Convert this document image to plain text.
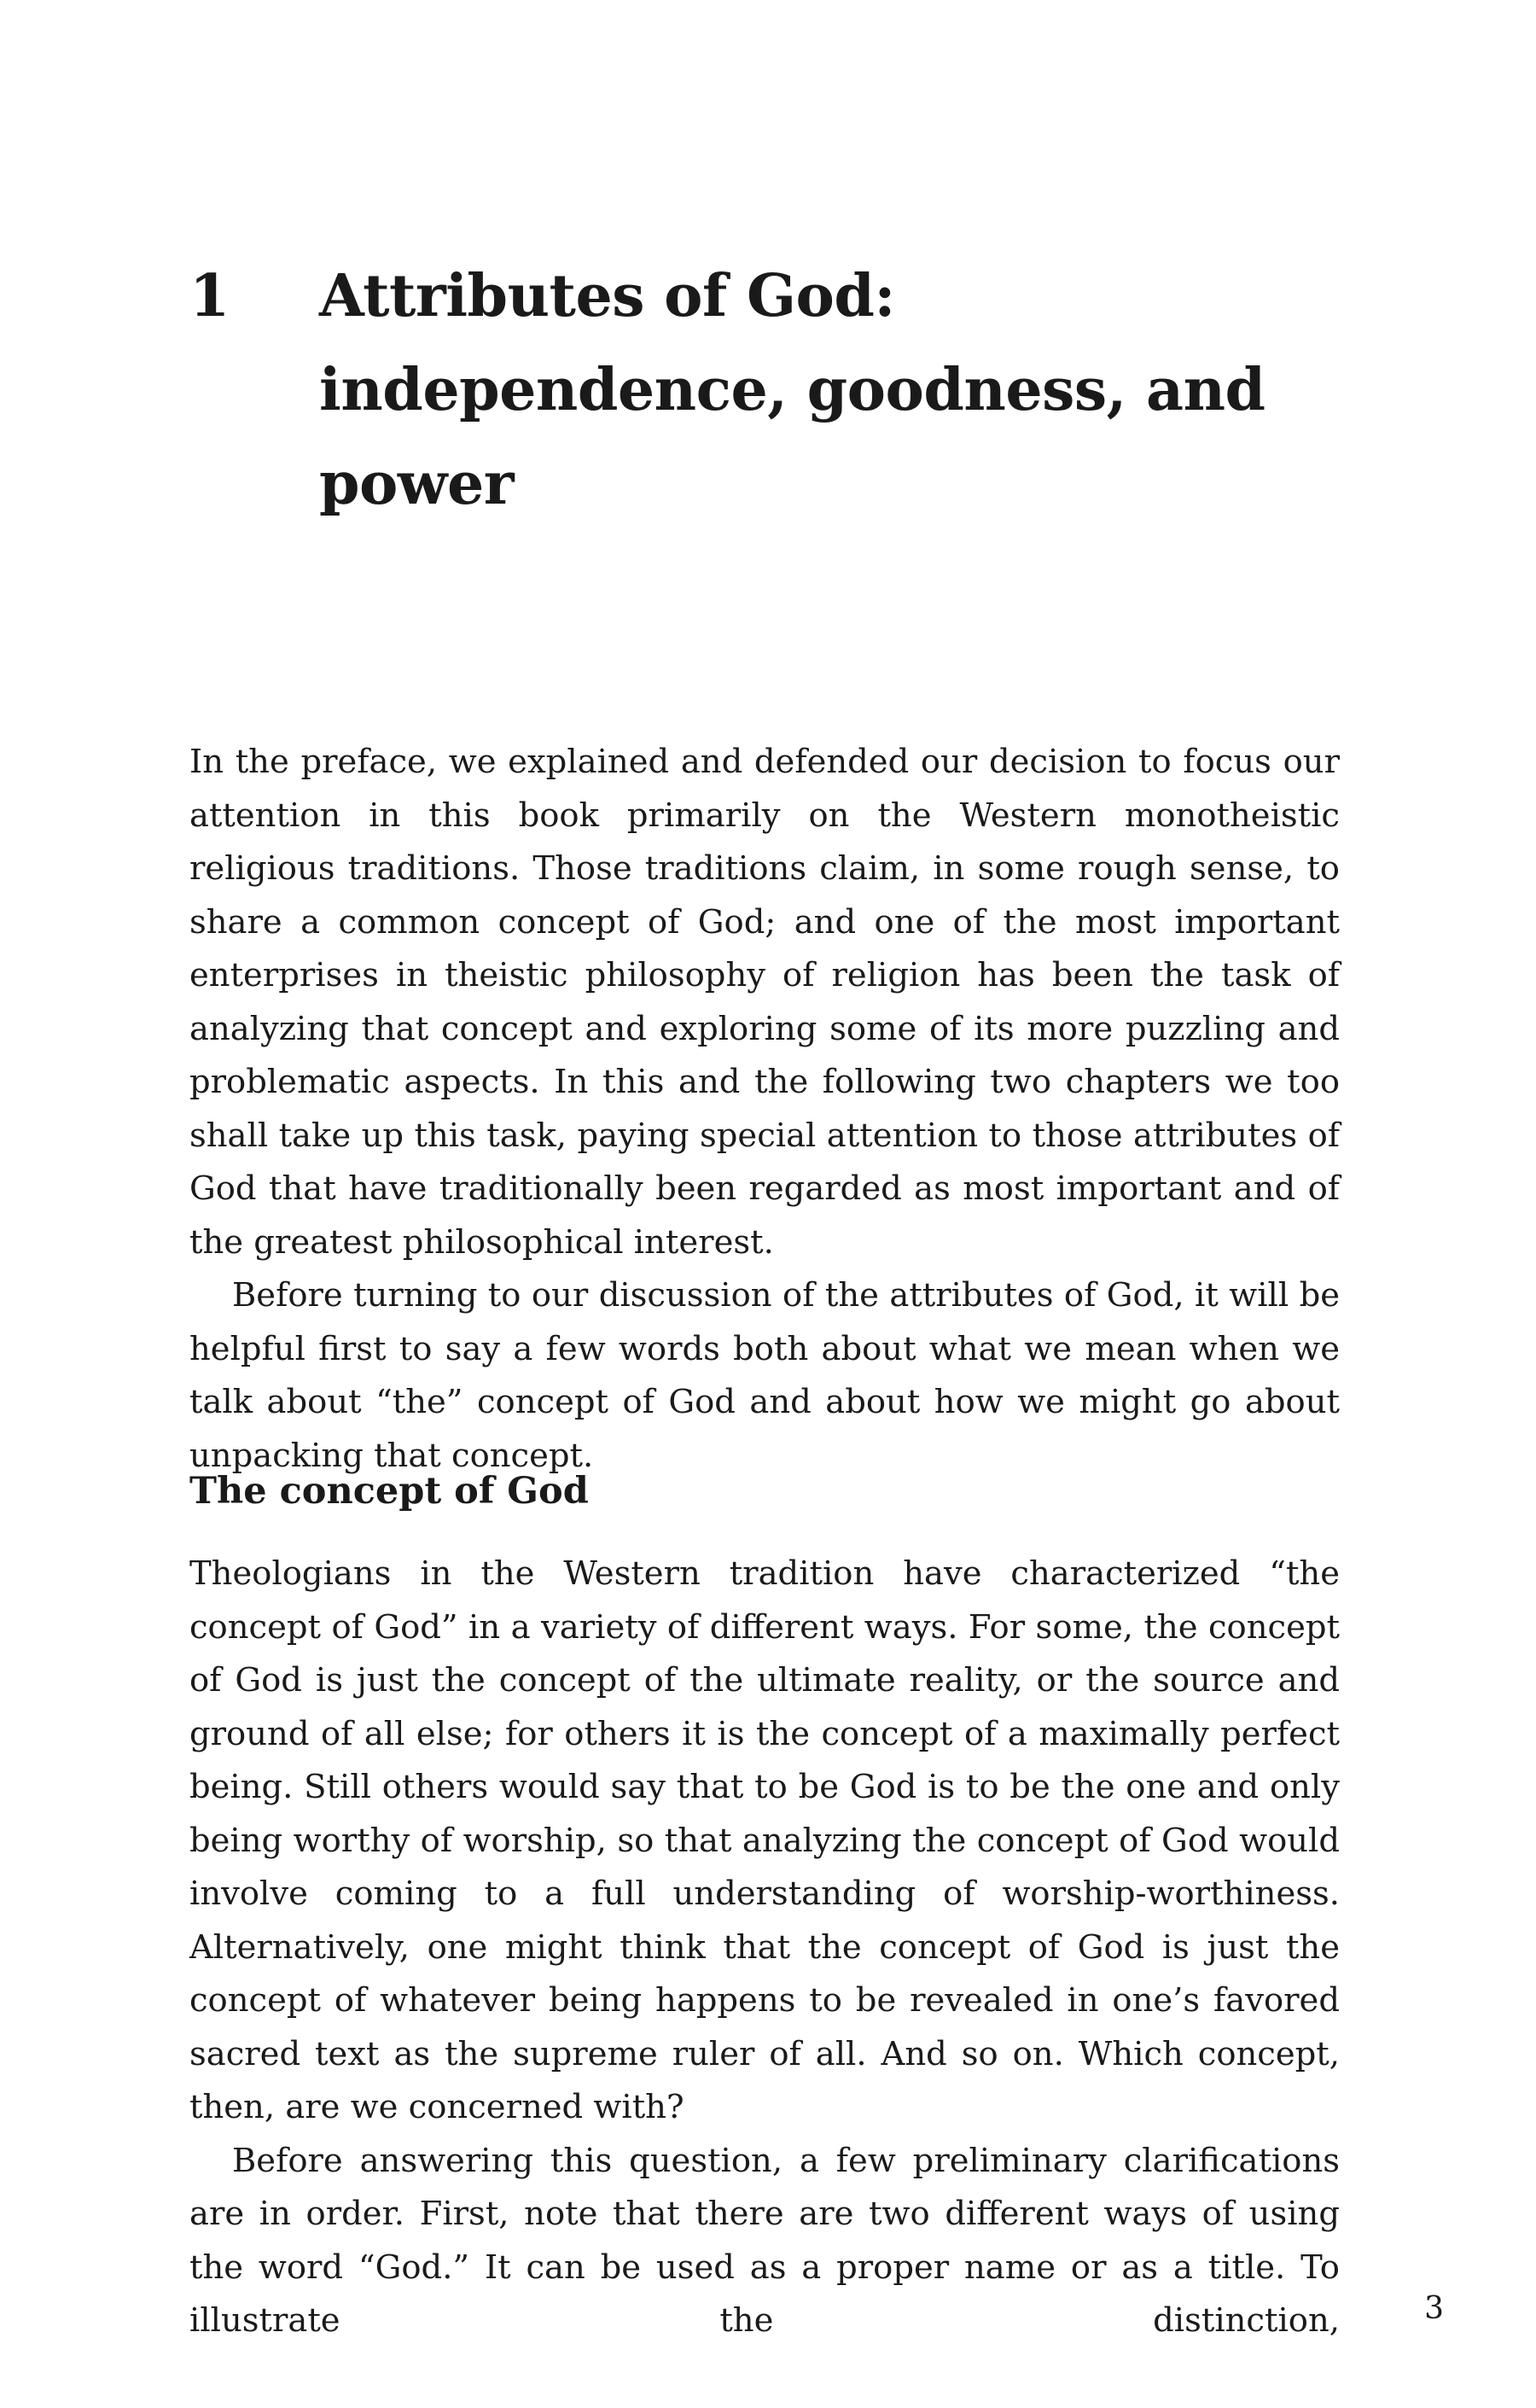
1 Attributes of God: independence, goodness, and power

In the preface, we explained and defended our decision to focus our attention in this book primarily on the Western monotheistic religious traditions. Those traditions claim, in some rough sense, to share a common concept of God; and one of the most important enterprises in theistic philosophy of religion has been the task of analyzing that concept and exploring some of its more puzzling and problematic aspects. In this and the following two chapters we too shall take up this task, paying special attention to those attributes of God that have traditionally been regarded as most important and of the greatest philosophical interest.

Before turning to our discussion of the attributes of God, it will be helpful first to say a few words both about what we mean when we talk about “the” concept of God and about how we might go about unpacking that concept.

The concept of God

Theologians in the Western tradition have characterized “the concept of God” in a variety of different ways. For some, the concept of God is just the concept of the ultimate reality, or the source and ground of all else; for others it is the concept of a maximally perfect being. Still others would say that to be God is to be the one and only being worthy of worship, so that analyzing the concept of God would involve coming to a full understanding of worship-worthiness. Alternatively, one might think that the concept of God is just the concept of whatever being happens to be revealed in one’s favored sacred text as the supreme ruler of all. And so on. Which concept, then, are we concerned with?

Before answering this question, a few preliminary clarifications are in order. First, note that there are two different ways of using the word “God.” It can be used as a proper name or as a title. To illustrate the distinction,	3
